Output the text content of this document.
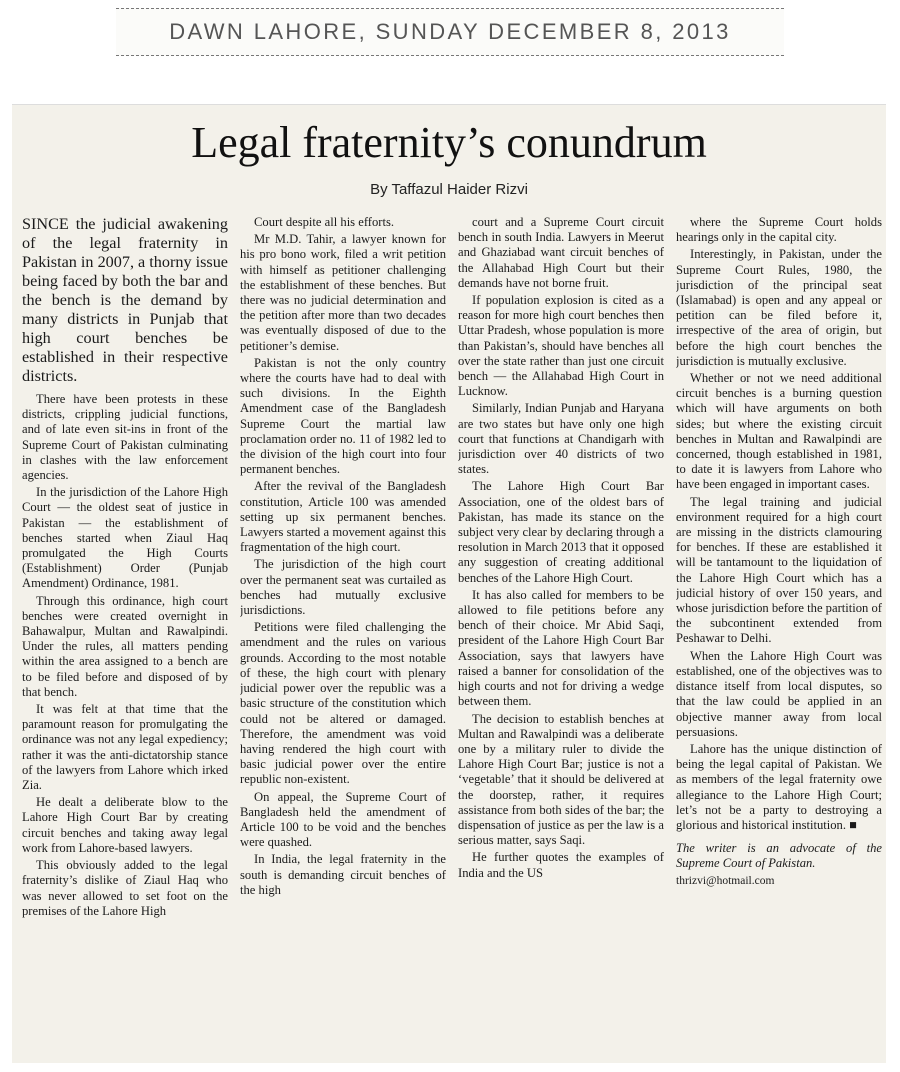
DAWN LAHORE, SUNDAY DECEMBER 8, 2013
Legal fraternity’s conundrum
By Taffazul Haider Rizvi

SINCE the judicial awakening of the legal fraternity in Pakistan in 2007, a thorny issue being faced by both the bar and the bench is the demand by many districts in Punjab that high court benches be established in their respective districts.

There have been protests in these districts, crippling judicial functions, and of late even sit-ins in front of the Supreme Court of Pakistan culminating in clashes with the law enforcement agencies.

In the jurisdiction of the Lahore High Court — the oldest seat of justice in Pakistan — the establishment of benches started when Ziaul Haq promulgated the High Courts (Establishment) Order (Punjab Amendment) Ordinance, 1981.

Through this ordinance, high court benches were created overnight in Bahawalpur, Multan and Rawalpindi. Under the rules, all matters pending within the area assigned to a bench are to be filed before and disposed of by that bench.

It was felt at that time that the paramount reason for promulgating the ordinance was not any legal expediency; rather it was the anti-dictatorship stance of the lawyers from Lahore which irked Zia.

He dealt a deliberate blow to the Lahore High Court Bar by creating circuit benches and taking away legal work from Lahore-based lawyers.

This obviously added to the legal fraternity’s dislike of Ziaul Haq who was never allowed to set foot on the premises of the Lahore High

Court despite all his efforts.

Mr M.D. Tahir, a lawyer known for his pro bono work, filed a writ petition with himself as petitioner challenging the establishment of these benches. But there was no judicial determination and the petition after more than two decades was eventually disposed of due to the petitioner’s demise.

Pakistan is not the only country where the courts have had to deal with such divisions. In the Eighth Amendment case of the Bangladesh Supreme Court the martial law proclamation order no. 11 of 1982 led to the division of the high court into four permanent benches.

After the revival of the Bangladesh constitution, Article 100 was amended setting up six permanent benches. Lawyers started a movement against this fragmentation of the high court.

The jurisdiction of the high court over the permanent seat was curtailed as benches had mutually exclusive jurisdictions.

Petitions were filed challenging the amendment and the rules on various grounds. According to the most notable of these, the high court with plenary judicial power over the republic was a basic structure of the constitution which could not be altered or damaged. Therefore, the amendment was void having rendered the high court with basic judicial power over the entire republic non-existent.

On appeal, the Supreme Court of Bangladesh held the amendment of Article 100 to be void and the benches were quashed.

In India, the legal fraternity in the south is demanding circuit benches of the high

court and a Supreme Court circuit bench in south India. Lawyers in Meerut and Ghaziabad want circuit benches of the Allahabad High Court but their demands have not borne fruit.

If population explosion is cited as a reason for more high court benches then Uttar Pradesh, whose population is more than Pakistan’s, should have benches all over the state rather than just one circuit bench — the Allahabad High Court in Lucknow.

Similarly, Indian Punjab and Haryana are two states but have only one high court that functions at Chandigarh with jurisdiction over 40 districts of two states.

The Lahore High Court Bar Association, one of the oldest bars of Pakistan, has made its stance on the subject very clear by declaring through a resolution in March 2013 that it opposed any suggestion of creating additional benches of the Lahore High Court.

It has also called for members to be allowed to file petitions before any bench of their choice. Mr Abid Saqi, president of the Lahore High Court Bar Association, says that lawyers have raised a banner for consolidation of the high courts and not for driving a wedge between them.

The decision to establish benches at Multan and Rawalpindi was a deliberate one by a military ruler to divide the Lahore High Court Bar; justice is not a ‘vegetable’ that it should be delivered at the doorstep, rather, it requires assistance from both sides of the bar; the dispensation of justice as per the law is a serious matter, says Saqi.

He further quotes the examples of India and the US

where the Supreme Court holds hearings only in the capital city.

Interestingly, in Pakistan, under the Supreme Court Rules, 1980, the jurisdiction of the principal seat (Islamabad) is open and any appeal or petition can be filed before it, irrespective of the area of origin, but before the high court benches the jurisdiction is mutually exclusive.

Whether or not we need additional circuit benches is a burning question which will have arguments on both sides; but where the existing circuit benches in Multan and Rawalpindi are concerned, though established in 1981, to date it is lawyers from Lahore who have been engaged in important cases.

The legal training and judicial environment required for a high court are missing in the districts clamouring for benches. If these are established it will be tantamount to the liquidation of the Lahore High Court which has a judicial history of over 150 years, and whose jurisdiction before the partition of the subcontinent extended from Peshawar to Delhi.

When the Lahore High Court was established, one of the objectives was to distance itself from local disputes, so that the law could be applied in an objective manner away from local persuasions.

Lahore has the unique distinction of being the legal capital of Pakistan. We as members of the legal fraternity owe allegiance to the Lahore High Court; let’s not be a party to destroying a glorious and historical institution. ■

The writer is an advocate of the Supreme Court of Pakistan.

thrizvi@hotmail.com
